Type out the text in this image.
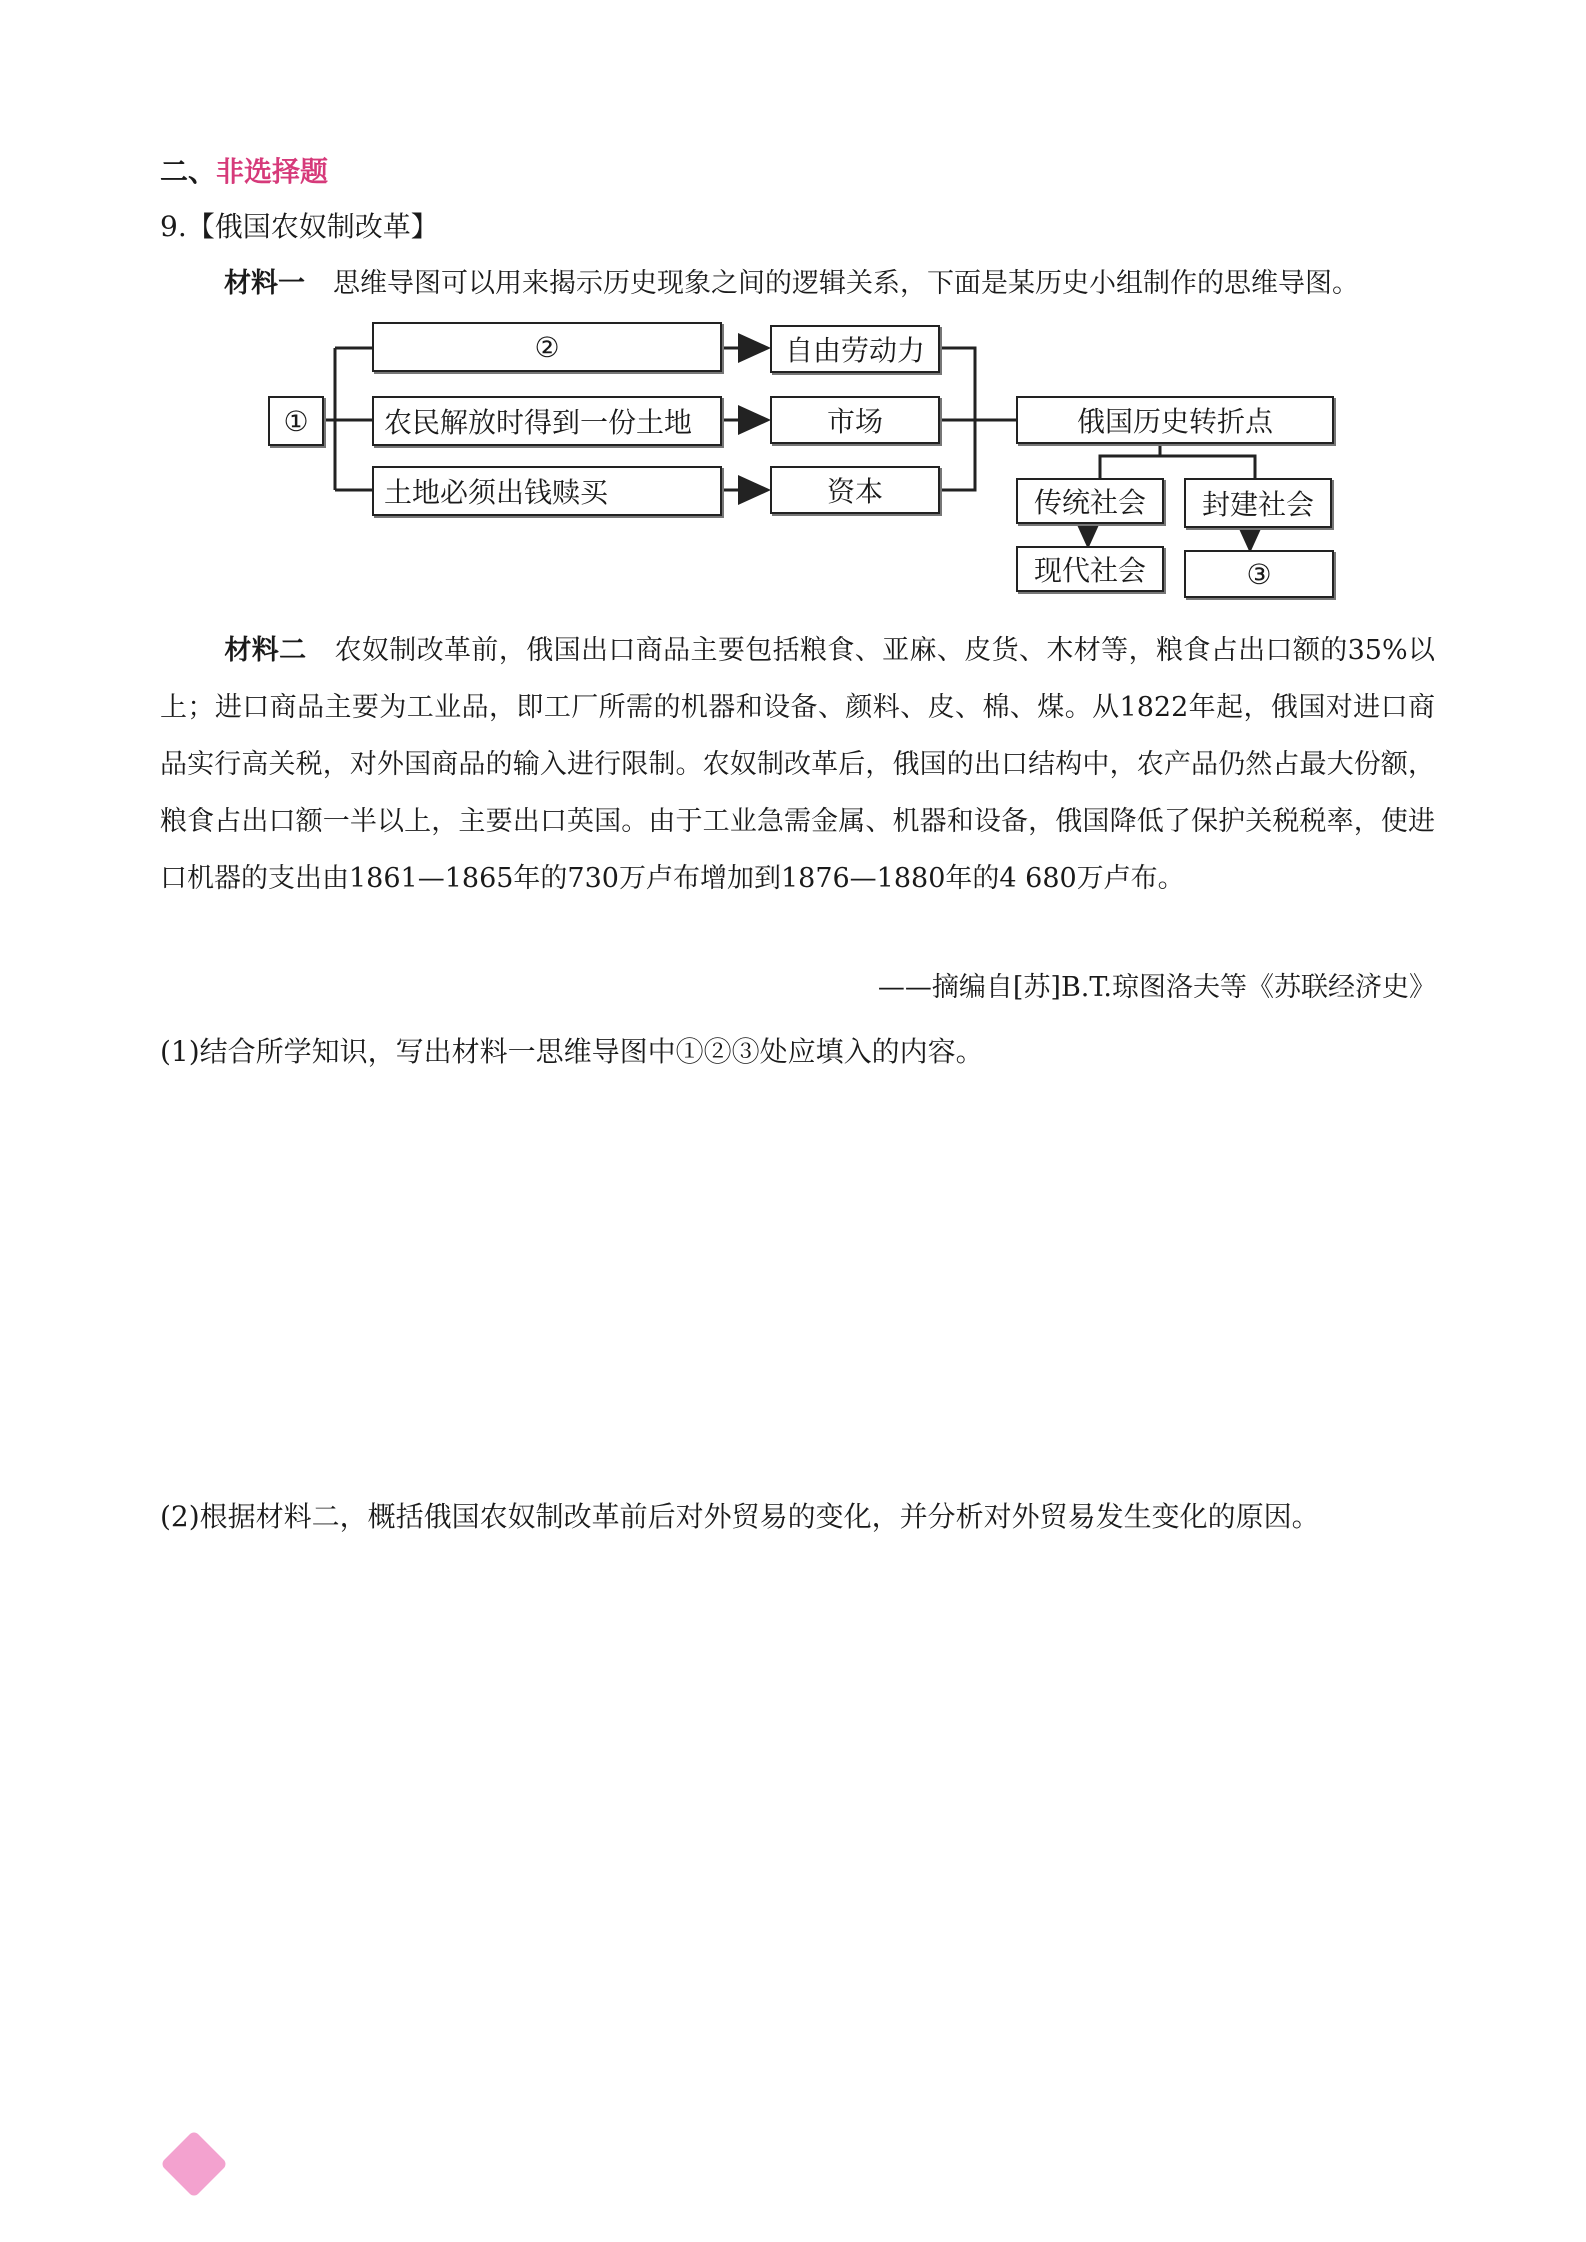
二、非选择题
9.【俄国农奴制改革】
材料一 思维导图可以用来揭示历史现象之间的逻辑关系，下面是某历史小组制作的思维导图。
①
②
农民解放时得到一份土地
土地必须出钱赎买
自由劳动力
市场
资本
俄国历史转折点
传统社会
现代社会
封建社会
③
材料二 农奴制改革前，俄国出口商品主要包括粮食、亚麻、皮货、木材等，粮食占出口额的35%以上；进口商品主要为工业品，即工厂所需的机器和设备、颜料、皮、棉、煤。从1822年起，俄国对进口商品实行高关税，对外国商品的输入进行限制。农奴制改革后，俄国的出口结构中，农产品仍然占最大份额，粮食占出口额一半以上，主要出口英国。由于工业急需金属、机器和设备，俄国降低了保护关税税率，使进口机器的支出由1861—1865年的730万卢布增加到1876—1880年的4 680万卢布。
——摘编自[苏]B.T.琼图洛夫等《苏联经济史》
(1)结合所学知识，写出材料一思维导图中①②③处应填入的内容。
(2)根据材料二，概括俄国农奴制改革前后对外贸易的变化，并分析对外贸易发生变化的原因。
